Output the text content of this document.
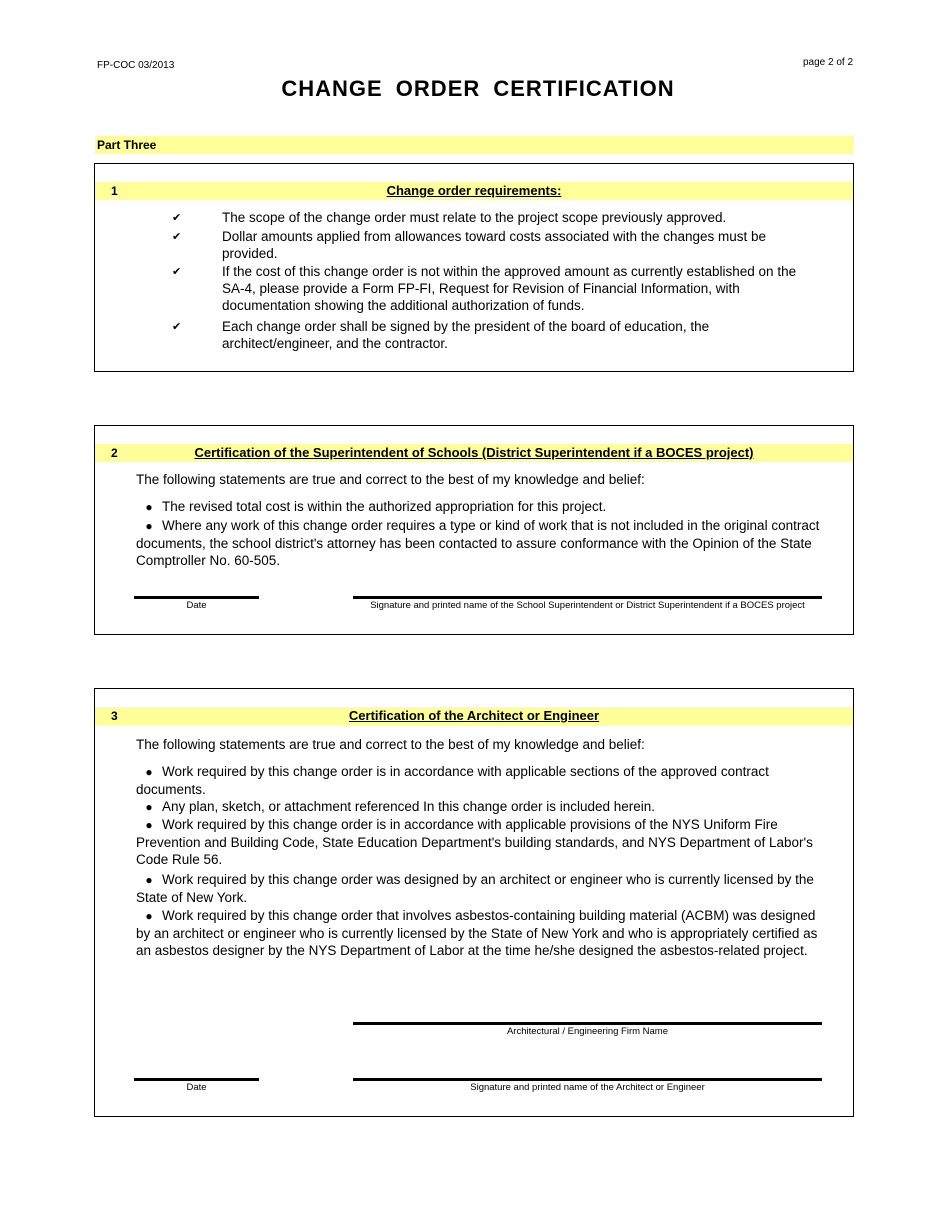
FP-COC 03/2013	page 2 of 2
CHANGE ORDER CERTIFICATION
Part Three
1	Change order requirements:
✔	The scope of the change order must relate to the project scope previously approved.
✔	Dollar amounts applied from allowances toward costs associated with the changes must be provided.
✔	If the cost of this change order is not within the approved amount as currently established on the SA-4, please provide a Form FP-FI, Request for Revision of Financial Information, with documentation showing the additional authorization of funds.
✔	Each change order shall be signed by the president of the board of education, the architect/engineer, and the contractor.
2	Certification of the Superintendent of Schools (District Superintendent if a BOCES project)
The following statements are true and correct to the best of my knowledge and belief:
● The revised total cost is within the authorized appropriation for this project.
● Where any work of this change order requires a type or kind of work that is not included in the original contract documents, the school district's attorney has been contacted to assure conformance with the Opinion of the State Comptroller No. 60-505.
Date	Signature and printed name of the School Superintendent or District Superintendent if a BOCES project
3	Certification of the Architect or Engineer
The following statements are true and correct to the best of my knowledge and belief:
● Work required by this change order is in accordance with applicable sections of the approved contract documents.
● Any plan, sketch, or attachment referenced In this change order is included herein.
● Work required by this change order is in accordance with applicable provisions of the NYS Uniform Fire Prevention and Building Code, State Education Department's building standards, and NYS Department of Labor's Code Rule 56.
● Work required by this change order was designed by an architect or engineer who is currently licensed by the State of New York.
● Work required by this change order that involves asbestos-containing building material (ACBM) was designed by an architect or engineer who is currently licensed by the State of New York and who is appropriately certified as an asbestos designer by the NYS Department of Labor at the time he/she designed the asbestos-related project.
Architectural / Engineering Firm Name
Date	Signature and printed name of the Architect or Engineer
